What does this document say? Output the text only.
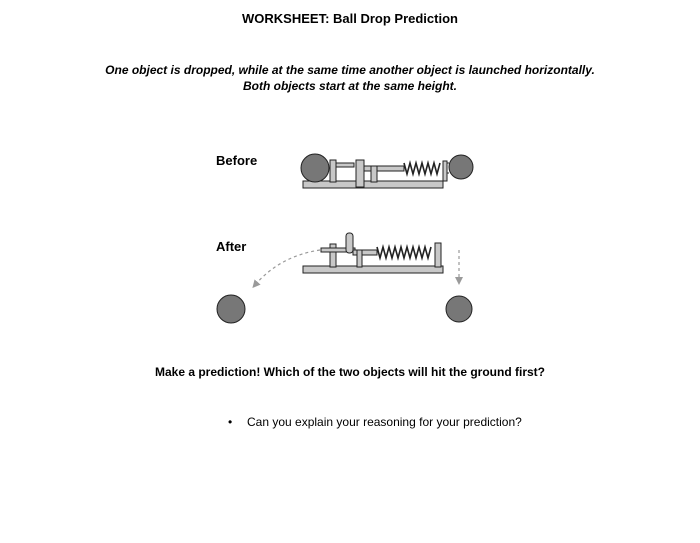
WORKSHEET: Ball Drop Prediction
One object is dropped, while at the same time another object is launched horizontally.
Both objects start at the same height.
Before
After
Make a prediction! Which of the two objects will hit the ground first?
• Can you explain your reasoning for your prediction?
